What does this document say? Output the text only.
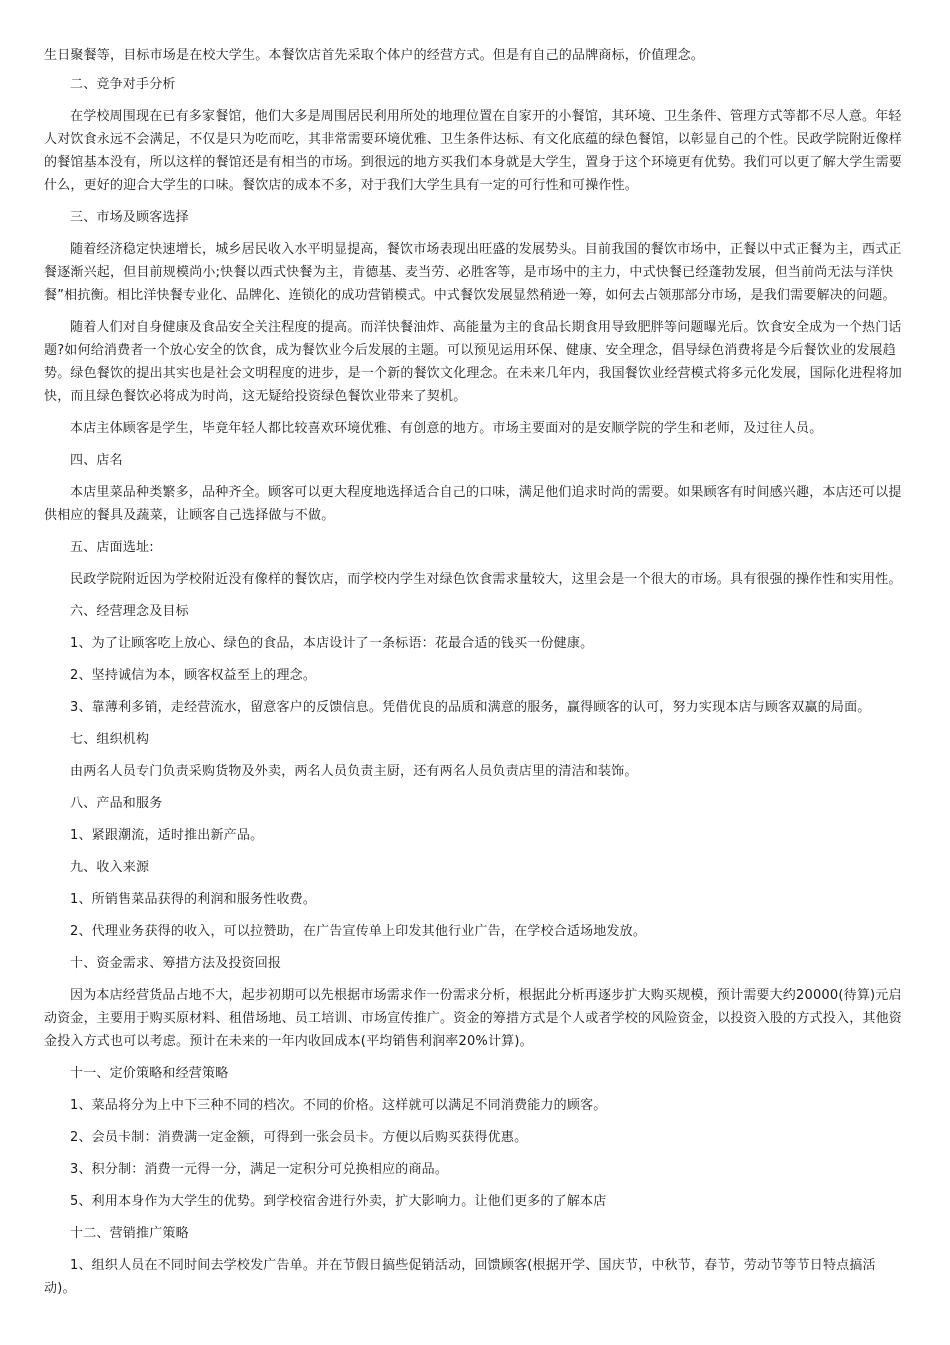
生日聚餐等，目标市场是在校大学生。本餐饮店首先采取个体户的经营方式。但是有自己的品牌商标，价值理念。

二、竞争对手分析

在学校周围现在已有多家餐馆，他们大多是周围居民利用所处的地理位置在自家开的小餐馆，其环境、卫生条件、管理方式等都不尽人意。年轻人对饮食永远不会满足，不仅是只为吃而吃，其非常需要环境优雅、卫生条件达标、有文化底蕴的绿色餐馆，以彰显自己的个性。民政学院附近像样的餐馆基本没有，所以这样的餐馆还是有相当的市场。到很远的地方买我们本身就是大学生，置身于这个环境更有优势。我们可以更了解大学生需要什么，更好的迎合大学生的口味。餐饮店的成本不多，对于我们大学生具有一定的可行性和可操作性。

三、市场及顾客选择

随着经济稳定快速增长，城乡居民收入水平明显提高，餐饮市场表现出旺盛的发展势头。目前我国的餐饮市场中，正餐以中式正餐为主，西式正餐逐渐兴起，但目前规模尚小;快餐以西式快餐为主，肯德基、麦当劳、必胜客等，是市场中的主力，中式快餐已经蓬勃发展，但当前尚无法与洋快餐”相抗衡。相比洋快餐专业化、品牌化、连锁化的成功营销模式。中式餐饮发展显然稍逊一筹，如何去占领那部分市场，是我们需要解决的问题。

随着人们对自身健康及食品安全关注程度的提高。而洋快餐油炸、高能量为主的食品长期食用导致肥胖等问题曝光后。饮食安全成为一个热门话题?如何给消费者一个放心安全的饮食，成为餐饮业今后发展的主题。可以预见运用环保、健康、安全理念，倡导绿色消费将是今后餐饮业的发展趋势。绿色餐饮的提出其实也是社会文明程度的进步，是一个新的餐饮文化理念。在未来几年内，我国餐饮业经营模式将多元化发展，国际化进程将加快，而且绿色餐饮必将成为时尚，这无疑给投资绿色餐饮业带来了契机。

本店主体顾客是学生，毕竟年轻人都比较喜欢环境优雅、有创意的地方。市场主要面对的是安顺学院的学生和老师，及过往人员。

四、店名

本店里菜品种类繁多，品种齐全。顾客可以更大程度地选择适合自己的口味，满足他们追求时尚的需要。如果顾客有时间感兴趣，本店还可以提供相应的餐具及蔬菜，让顾客自己选择做与不做。

五、店面选址:

民政学院附近因为学校附近没有像样的餐饮店，而学校内学生对绿色饮食需求量较大，这里会是一个很大的市场。具有很强的操作性和实用性。

六、经营理念及目标

1、为了让顾客吃上放心、绿色的食品，本店设计了一条标语：花最合适的钱买一份健康。

2、坚持诚信为本，顾客权益至上的理念。

3、靠薄利多销，走经营流水，留意客户的反馈信息。凭借优良的品质和满意的服务，赢得顾客的认可，努力实现本店与顾客双赢的局面。

七、组织机构

由两名人员专门负责采购货物及外卖，两名人员负责主厨，还有两名人员负责店里的清洁和装饰。

八、产品和服务

1、紧跟潮流，适时推出新产品。

九、收入来源

1、所销售菜品获得的利润和服务性收费。

2、代理业务获得的收入，可以拉赞助，在广告宣传单上印发其他行业广告，在学校合适场地发放。

十、资金需求、筹措方法及投资回报

因为本店经营货品占地不大，起步初期可以先根据市场需求作一份需求分析，根据此分析再逐步扩大购买规模，预计需要大约20000(待算)元启动资金，主要用于购买原材料、租借场地、员工培训、市场宣传推广。资金的筹措方式是个人或者学校的风险资金，以投资入股的方式投入，其他资金投入方式也可以考虑。预计在未来的一年内收回成本(平均销售利润率20%计算)。

十一、定价策略和经营策略

1、菜品将分为上中下三种不同的档次。不同的价格。这样就可以满足不同消费能力的顾客。

2、会员卡制：消费满一定金额，可得到一张会员卡。方便以后购买获得优惠。

3、积分制：消费一元得一分，满足一定积分可兑换相应的商品。

5、利用本身作为大学生的优势。到学校宿舍进行外卖，扩大影响力。让他们更多的了解本店

十二、营销推广策略

1、组织人员在不同时间去学校发广告单。并在节假日搞些促销活动，回馈顾客(根据开学、国庆节，中秋节，春节，劳动节等节日特点搞活动)。
